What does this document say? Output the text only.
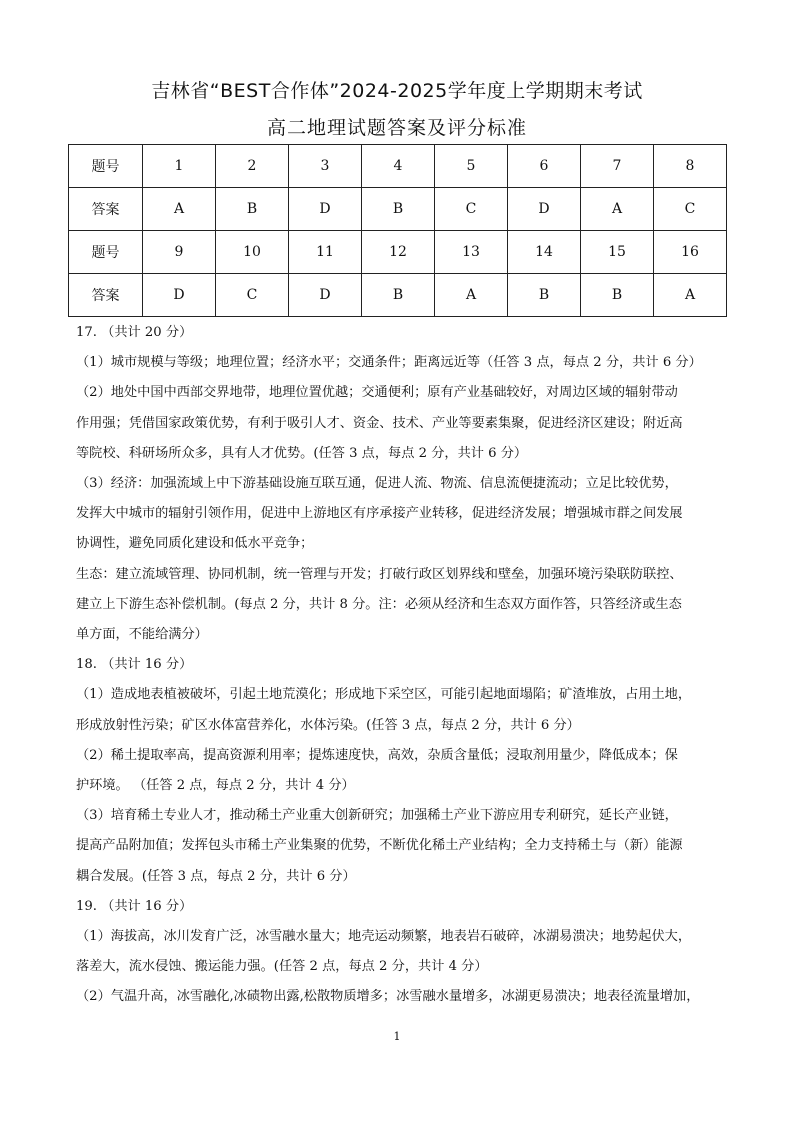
吉林省“BEST合作体”2024-2025学年度上学期期末考试
高二地理试题答案及评分标准
题号	1	2	3	4	5	6	7	8
答案	A	B	D	B	C	D	A	C
题号	9	10	11	12	13	14	15	16
答案	D	C	D	B	A	B	B	A

17. （共计 20 分）

（1）城市规模与等级；地理位置；经济水平；交通条件；距离远近等（任答 3 点，每点 2 分，共计 6 分）

（2）地处中国中西部交界地带，地理位置优越；交通便利；原有产业基础较好，对周边区域的辐射带动

作用强；凭借国家政策优势，有利于吸引人才、资金、技术、产业等要素集聚，促进经济区建设；附近高

等院校、科研场所众多，具有人才优势。(任答 3 点，每点 2 分，共计 6 分）

（3）经济：加强流域上中下游基础设施互联互通，促进人流、物流、信息流便捷流动；立足比较优势，

发挥大中城市的辐射引领作用，促进中上游地区有序承接产业转移，促进经济发展；增强城市群之间发展

协调性，避免同质化建设和低水平竞争；

生态：建立流域管理、协同机制，统一管理与开发；打破行政区划界线和壁垒，加强环境污染联防联控、

建立上下游生态补偿机制。(每点 2 分，共计 8 分。注：必须从经济和生态双方面作答，只答经济或生态

单方面，不能给满分）

18. （共计 16 分）

（1）造成地表植被破坏，引起土地荒漠化；形成地下采空区，可能引起地面塌陷；矿渣堆放，占用土地，

形成放射性污染；矿区水体富营养化，水体污染。(任答 3 点，每点 2 分，共计 6 分）

（2）稀土提取率高，提高资源利用率；提炼速度快，高效，杂质含量低；浸取剂用量少，降低成本；保

护环境。 （任答 2 点，每点 2 分，共计 4 分）

（3）培育稀土专业人才，推动稀土产业重大创新研究；加强稀土产业下游应用专利研究，延长产业链，

提高产品附加值；发挥包头市稀土产业集聚的优势，不断优化稀土产业结构；全力支持稀土与（新）能源

耦合发展。(任答 3 点，每点 2 分，共计 6 分）

19. （共计 16 分）

（1）海拔高，冰川发育广泛，冰雪融水量大；地壳运动频繁，地表岩石破碎，冰湖易溃决；地势起伏大，

落差大，流水侵蚀、搬运能力强。(任答 2 点，每点 2 分，共计 4 分）

（2）气温升高，冰雪融化,冰碛物出露,松散物质增多；冰雪融水量增多，冰湖更易溃决；地表径流量增加，

1
